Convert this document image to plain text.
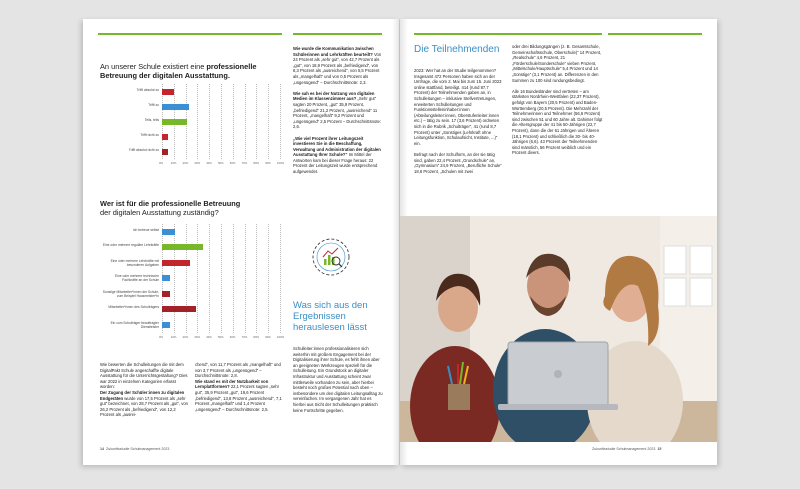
An unserer Schule existiert eine professionelle Betreuung der digitalen Ausstattung.
0%	10% 20% 30% 40% 50% 60% 70% 80% 90% 100%
Trifft absolut zu
Trifft zu
Teils, teils
Trifft nicht zu
Trifft absolut nicht zu
Wer ist für die professionelle Betreuung
der digitalen Ausstattung zuständig?
0%	10% 20% 30% 40% 50% 60% 70% 80% 90% 100%
Ich betreue selbst
Eine oder mehrere reguläre Lehrkräfte
Eine oder mehrere Lehrkräfte mit besonderen Aufgaben
Eine oder mehrere technische Fachkräfte an der Schule
Sonstige Mitarbeiter*innen der Schule, zum Beispiel Hausmeister*in
Mitarbeiter*innen des Schulträgers
Ein vom Schulträger beauftragter Dienstleister
Wie bewerten die Schulleitungen die mit dem DigitalPakt Schule angeschaffte digitale Ausstattung für die Unterrichtsgestaltung? Dies war 2022 in einzelnen Kategorien erfasst worden:
Der Zugang der Schüler:innen zu digitalen Endgeräten wurde von 17,5 Prozent als „sehr gut“ bezeichnet, von 28,7 Prozent als „gut“, von 26,2 Prozent als „befriedigend“, von 12,2 Prozent als „ausrei-
chend“, von 11,7 Prozent als „mangelhaft“ und von 3,7 Prozent als „ungenügend“ – Durchschnittsnote: 2,8.
Wie stand es mit der Nutzbarkeit von Lernplattformen? 22,1 Prozent sagten „sehr gut“, 35,9 Prozent „gut“, 19,6 Prozent „befriedigend“, 13,8 Prozent „ausreichend“, 7,1 Prozent „mangelhaft“ und 1,4 Prozent „ungenügend“ – Durchschnittsnote: 2,5.
Wie wurde die Kommunikation zwischen Schülerinnen und Lehrkräften beurteilt? Von 24 Prozent als „sehr gut“, von 42,7 Prozent als „gut“, von 18,9 Prozent als „befriedigend“, von 8,3 Prozent als „ausreichend“, von 5,5 Prozent als „mangelhaft“ und von 0,5 Prozent als „ungenügend“ – Durchschnittsnote: 2,3.

Wie sah es bei der Nutzung von digitalen Medien im Klassenzimmer aus? „Sehr gut“ sagten 20 Prozent, „gut“ 35,9 Prozent, „befriedigend“ 21,2 Prozent, „ausreichend“ 11 Prozent, „mangelhaft“ 9,2 Prozent und „ungenügend“ 2,5 Prozent – Durchschnittsnote: 2,6.

„Wie viel Prozent ihrer Leitungszeit investieren Sie in die Beschaffung, Verwaltung und Administration der digitalen Ausstattung Ihrer Schule?“ Im Mittel der Antworten kam bei dieser Frage heraus: 22 Prozent der Leitungszeit wurde entsprechend aufgewendet.
Was sich aus den Ergebnissen herauslesen lässt
Schulleiter:innen professionalisieren sich weiterhin mit großem Engagement bei der Digitalisierung ihrer Schule, es fehlt ihnen aber an geeigneten Werkzeugen speziell für die Schulleitung. Ein Grundstock an digitaler Infrastruktur und Ausstattung scheint zwar mittlerweile vorhanden zu sein, aber hierbei besteht noch großes Potential nach oben – insbesondere um den digitalen Leitungsalltag zu vereinfachen. Im vergangenen Jahr hat es hierbei aus Sicht der Schulleitungen praktisch keine Fortschritte gegeben.
14 Zukunftsstudie Schulmanagement 2023
Die Teilnehmenden
2023: Wer hat an der Studie teilgenommen? Insgesamt 472 Personen haben sich an der Umfrage, die vom 2. Mai bis zum 15. Juni 2023 online stattfand, beteiligt. 414 (rund 87,7 Prozent) der Teilnehmenden gaben an, in Schulleitungen – inklusive Stellvertretungen, erweiterten Schulleitungen und Funktionsstelleninhaber:innen (Abteilungsleiter:innen, Oberstufenleiter:innen etc.) – tätig zu sein. 17 (3,6 Prozent) ordneten sich in die Rubrik „Schulträger“, 41 (rund 8,7 Prozent) unter „Sonstiges (Lehrkraft ohne Leitungsfunktion, Schulaufsicht, Institute, ...)“ ein.

Befragt nach der Schulform, an der sie tätig sind, gaben 22,4 Prozent „Grundschule“ an, „Gymnasium“ 24,9 Prozent, „Berufliche Schule“ 18,6 Prozent, „Schulen mit zwei
oder drei Bildungsgängen (z. B. Gesamtschule, Gemeinschaftsschule, Oberschule)“ 14 Prozent, „Realschule“ 4,6 Prozent, 21 „Förderschule/Sonderschule“ vieben Prozent, „Mittelschule/Hauptschule“ 5,4 Prozent und 14 „Sonstige“ (3,1 Prozent) an. Differenzen in den Summen zu 100 sind rundungsbedingt.

Alle 16 Bundesländer sind vertreten – am stärksten Nordrhein-Westfalen (22,37 Prozent), gefolgt von Bayern (20,5 Prozent) und Baden-Württemberg (20,5 Prozent). Die Mehrzahl der Teilnehmerinnen und Teilnehmer (56,6 Prozent) sind zwischen 51 und 60 Jahre alt. Dahinter folgt die Altersgruppe der 41 bis 50-Jährigen (22,7 Prozent), dann die der 61 Jährigen und Älteren (18,1 Prozent) und schließlich die 30- bis 40-Jährigen (6,6). 43 Prozent der Teilnehmenden sind männlich, 56 Prozent weiblich und ein Prozent divers.
Zukunftsstudie Schulmanagement 2023 15
